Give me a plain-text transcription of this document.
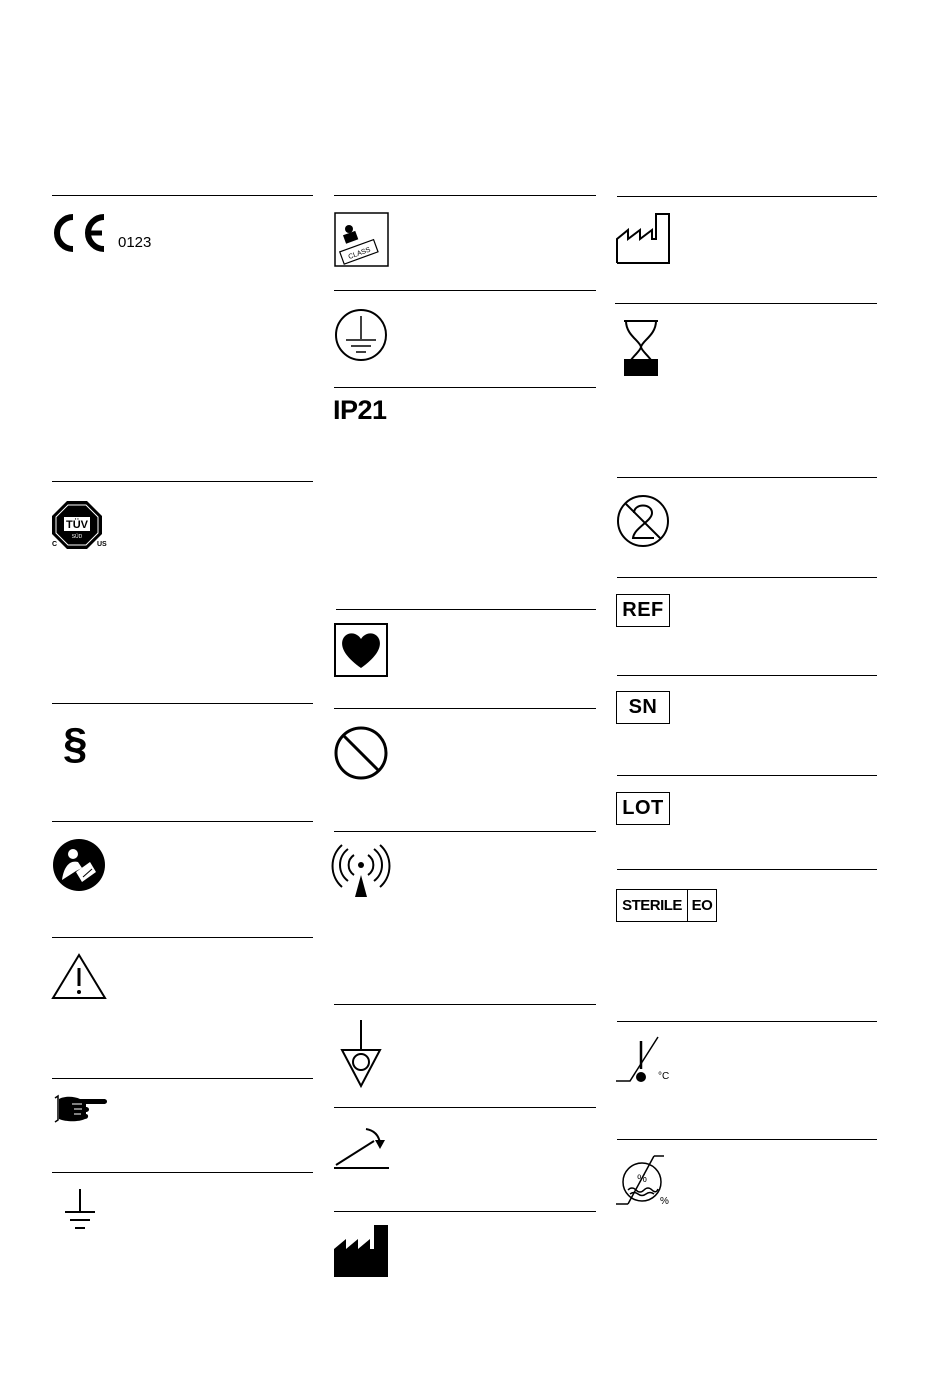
0123
TÜV
SÜD
C	US
§
CLASS
IP21
REF
SN
LOT
STERILE EO
°C
%
%
